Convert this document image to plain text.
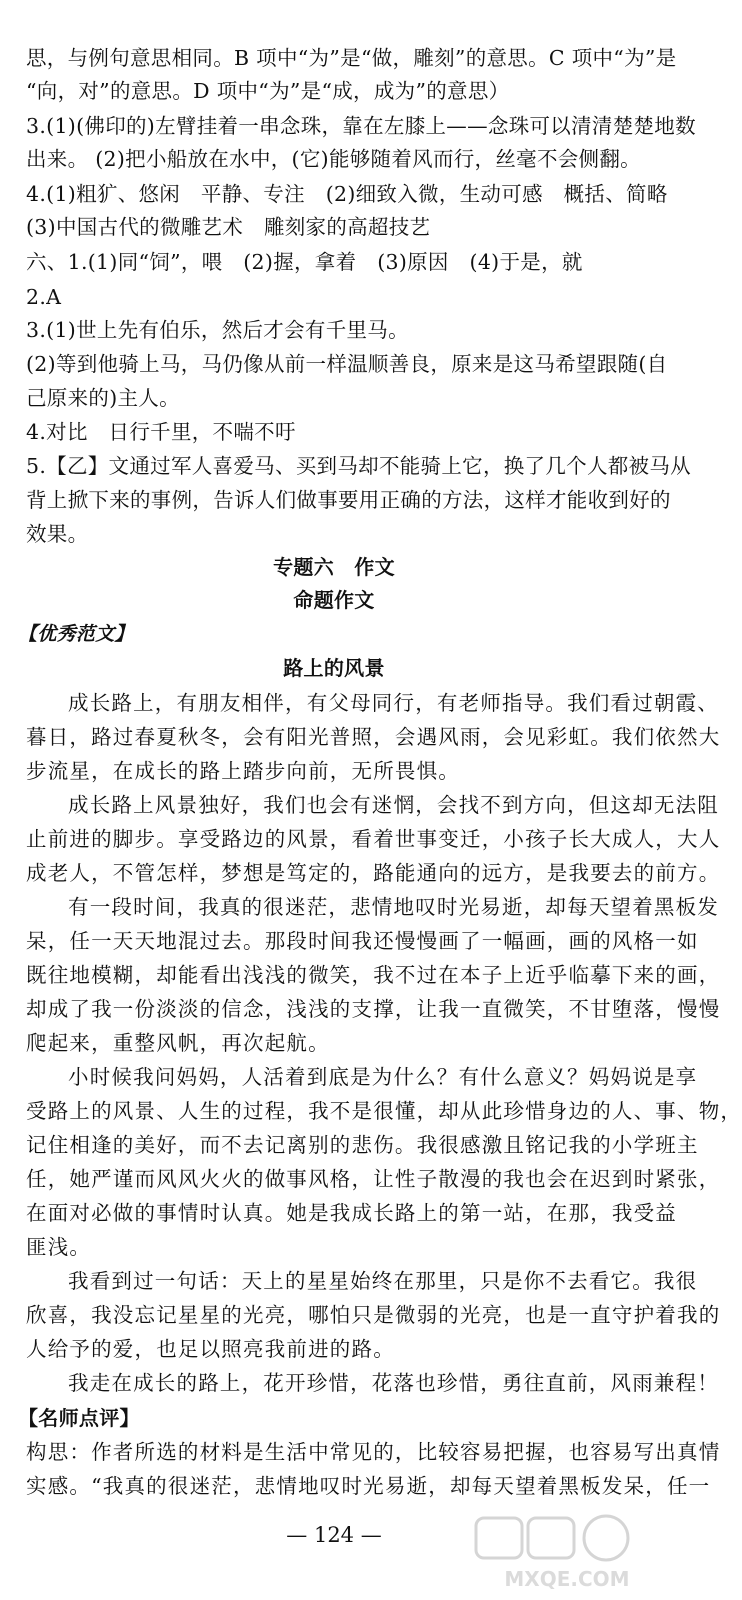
思，与例句意思相同。B 项中“为”是“做，雕刻”的意思。C 项中“为”是
“向，对”的意思。D 项中“为”是“成，成为”的意思）
3.(1)(佛印的)左臂挂着一串念珠，靠在左膝上——念珠可以清清楚楚地数
出来。 (2)把小船放在水中，(它)能够随着风而行，丝毫不会侧翻。
4.(1)粗犷、悠闲　平静、专注　(2)细致入微，生动可感　概括、简略
(3)中国古代的微雕艺术　雕刻家的高超技艺
六、1.(1)同“饲”，喂　(2)握，拿着　(3)原因　(4)于是，就
2.A
3.(1)世上先有伯乐，然后才会有千里马。
(2)等到他骑上马，马仍像从前一样温顺善良，原来是这马希望跟随(自
己原来的)主人。
4.对比　日行千里，不喘不吁
5.【乙】文通过军人喜爱马、买到马却不能骑上它，换了几个人都被马从
背上掀下来的事例，告诉人们做事要用正确的方法，这样才能收到好的
效果。
专题六　作文
命题作文
【优秀范文】
路上的风景
成长路上，有朋友相伴，有父母同行，有老师指导。我们看过朝霞、
暮日，路过春夏秋冬，会有阳光普照，会遇风雨，会见彩虹。我们依然大
步流星，在成长的路上踏步向前，无所畏惧。
成长路上风景独好，我们也会有迷惘，会找不到方向，但这却无法阻
止前进的脚步。享受路边的风景，看着世事变迁，小孩子长大成人，大人
成老人，不管怎样，梦想是笃定的，路能通向的远方，是我要去的前方。
有一段时间，我真的很迷茫，悲情地叹时光易逝，却每天望着黑板发
呆，任一天天地混过去。那段时间我还慢慢画了一幅画，画的风格一如
既往地模糊，却能看出浅浅的微笑，我不过在本子上近乎临摹下来的画，
却成了我一份淡淡的信念，浅浅的支撑，让我一直微笑，不甘堕落，慢慢
爬起来，重整风帆，再次起航。
小时候我问妈妈，人活着到底是为什么？有什么意义？妈妈说是享
受路上的风景、人生的过程，我不是很懂，却从此珍惜身边的人、事、物，
记住相逢的美好，而不去记离别的悲伤。我很感激且铭记我的小学班主
任，她严谨而风风火火的做事风格，让性子散漫的我也会在迟到时紧张，
在面对必做的事情时认真。她是我成长路上的第一站，在那，我受益
匪浅。
我看到过一句话：天上的星星始终在那里，只是你不去看它。我很
欣喜，我没忘记星星的光亮，哪怕只是微弱的光亮，也是一直守护着我的
人给予的爱，也足以照亮我前进的路。
我走在成长的路上，花开珍惜，花落也珍惜，勇往直前，风雨兼程！
【名师点评】
构思：作者所选的材料是生活中常见的，比较容易把握，也容易写出真情
实感。“我真的很迷茫，悲情地叹时光易逝，却每天望着黑板发呆，任一
— 124 —
MXQE.COM
